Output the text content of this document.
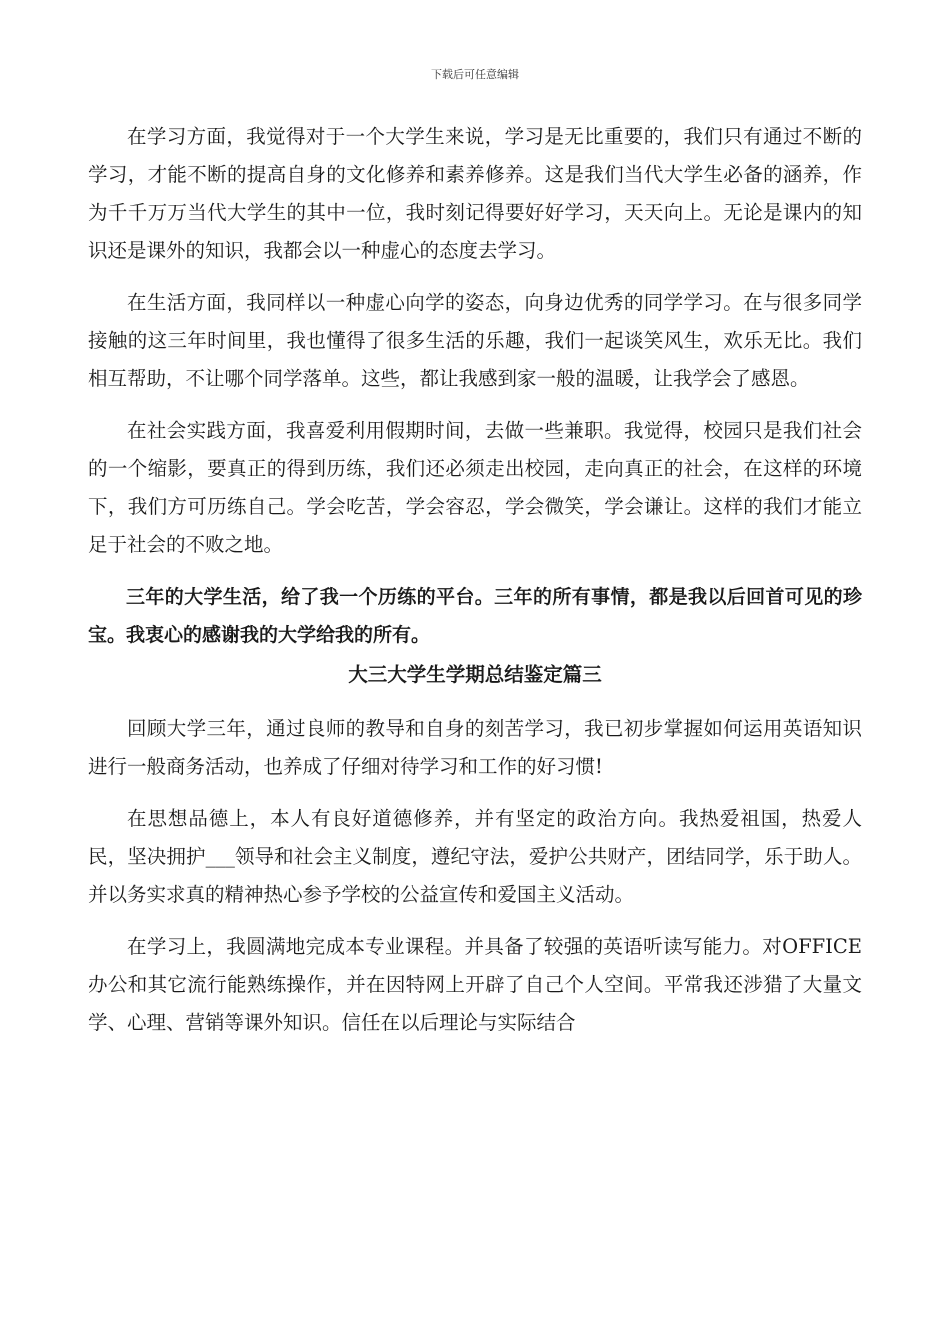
下载后可任意编辑

在学习方面，我觉得对于一个大学生来说，学习是无比重要的，我们只有通过不断的学习，才能不断的提高自身的文化修养和素养修养。这是我们当代大学生必备的涵养，作为千千万万当代大学生的其中一位，我时刻记得要好好学习，天天向上。无论是课内的知识还是课外的知识，我都会以一种虚心的态度去学习。

在生活方面，我同样以一种虚心向学的姿态，向身边优秀的同学学习。在与很多同学接触的这三年时间里，我也懂得了很多生活的乐趣，我们一起谈笑风生，欢乐无比。我们相互帮助，不让哪个同学落单。这些，都让我感到家一般的温暖，让我学会了感恩。

在社会实践方面，我喜爱利用假期时间，去做一些兼职。我觉得，校园只是我们社会的一个缩影，要真正的得到历练，我们还必须走出校园，走向真正的社会，在这样的环境下，我们方可历练自己。学会吃苦，学会容忍，学会微笑，学会谦让。这样的我们才能立足于社会的不败之地。

三年的大学生活，给了我一个历练的平台。三年的所有事情，都是我以后回首可见的珍宝。我衷心的感谢我的大学给我的所有。

大三大学生学期总结鉴定篇三

回顾大学三年，通过良师的教导和自身的刻苦学习，我已初步掌握如何运用英语知识进行一般商务活动，也养成了仔细对待学习和工作的好习惯!

在思想品德上，本人有良好道德修养，并有坚定的政治方向。我热爱祖国，热爱人民，坚决拥护___领导和社会主义制度，遵纪守法，爱护公共财产，团结同学，乐于助人。并以务实求真的精神热心参予学校的公益宣传和爱国主义活动。

在学习上，我圆满地完成本专业课程。并具备了较强的英语听读写能力。对OFFICE办公和其它流行能熟练操作，并在因特网上开辟了自己个人空间。平常我还涉猎了大量文学、心理、营销等课外知识。信任在以后理论与实际结合
